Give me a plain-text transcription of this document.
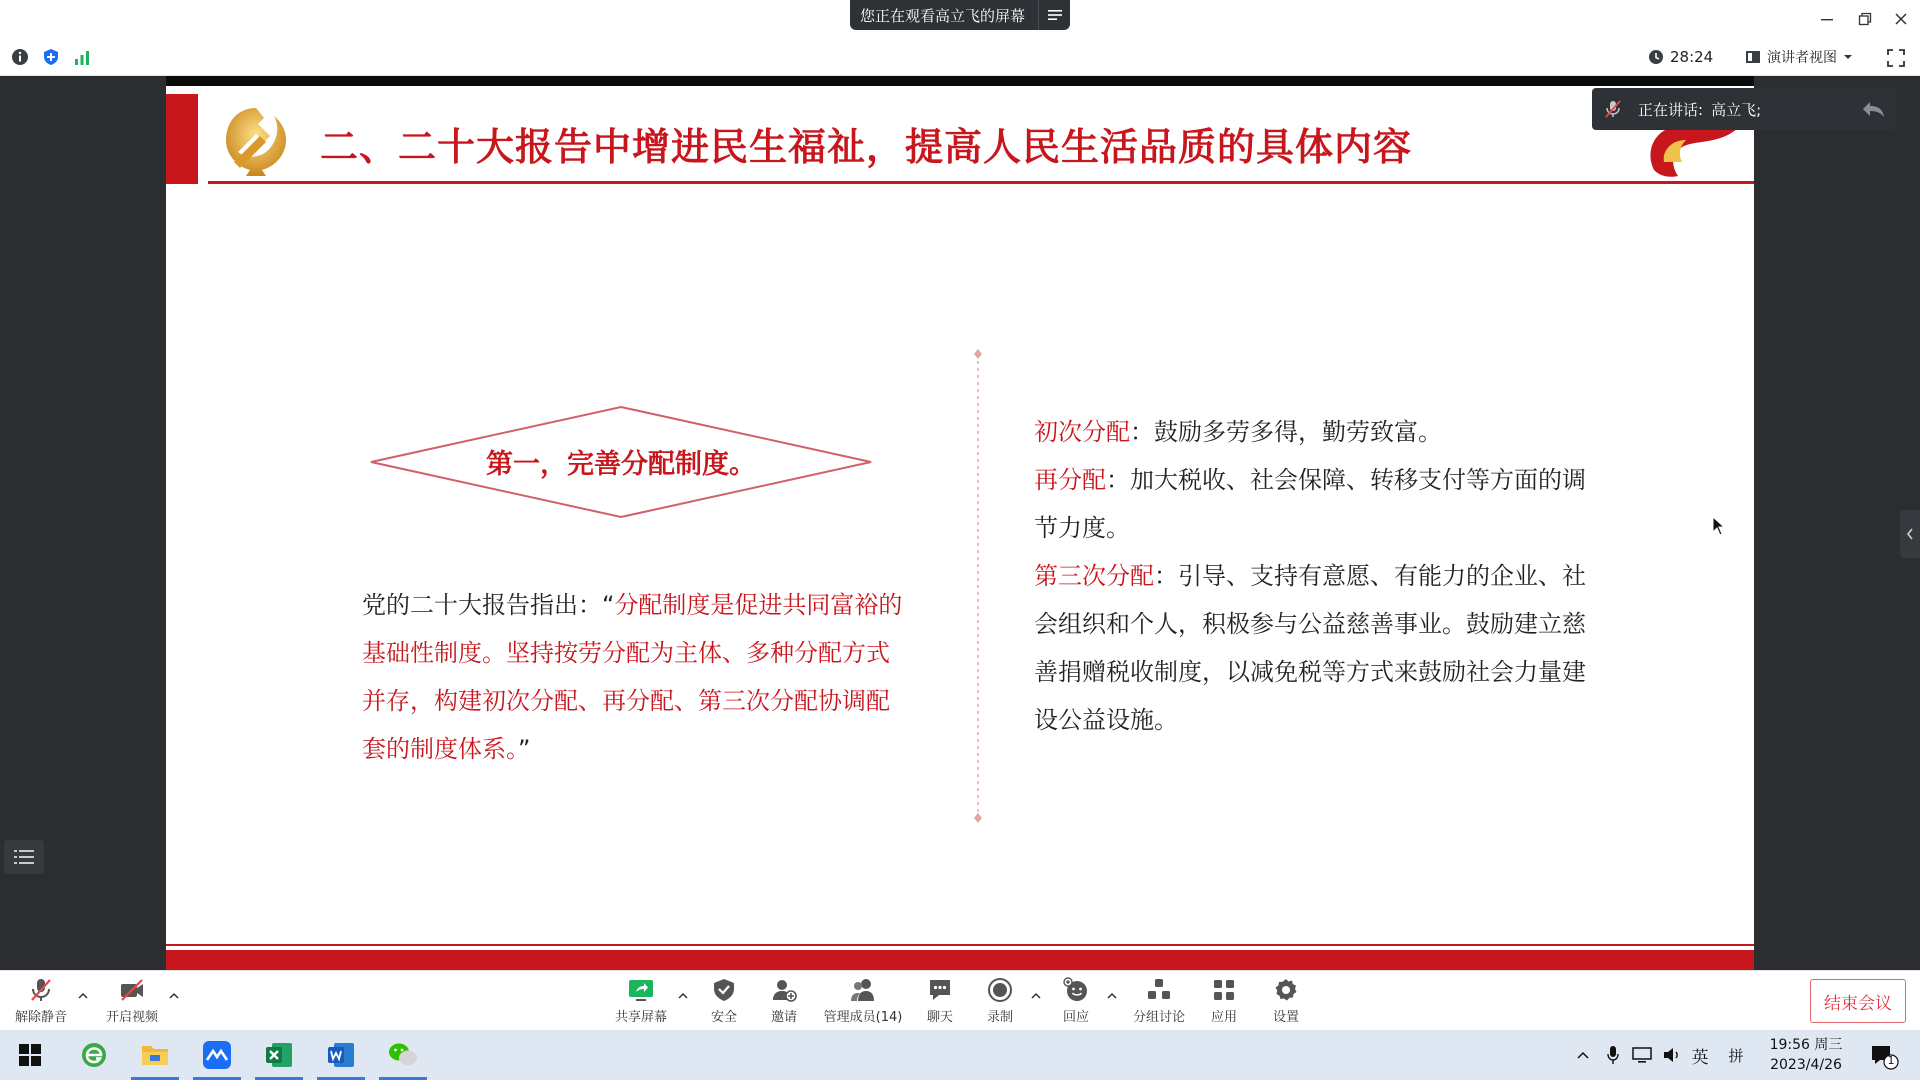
您正在观看高立飞的屏幕
28:24	演讲者视图
二、二十大报告中增进民生福祉，提高人民生活品质的具体内容
第一，完善分配制度。
党的二十大报告指出：“分配制度是促进共同富裕的基础性制度。坚持按劳分配为主体、多种分配方式并存，构建初次分配、再分配、第三次分配协调配套的制度体系。”
初次分配：鼓励多劳多得，勤劳致富。
再分配：加大税收、社会保障、转移支付等方面的调节力度。
第三次分配：引导、支持有意愿、有能力的企业、社会组织和个人，积极参与公益慈善事业。鼓励建立慈善捐赠税收制度，以减免税等方式来鼓励社会力量建设公益设施。
正在讲话: 高立飞;
解除静音	开启视频	共享屏幕	安全	邀请 管理成员(14) 聊天	录制	回应	分组讨论 应用	设置
结束会议
英 拼
19:56 周三
2023/4/26	1
